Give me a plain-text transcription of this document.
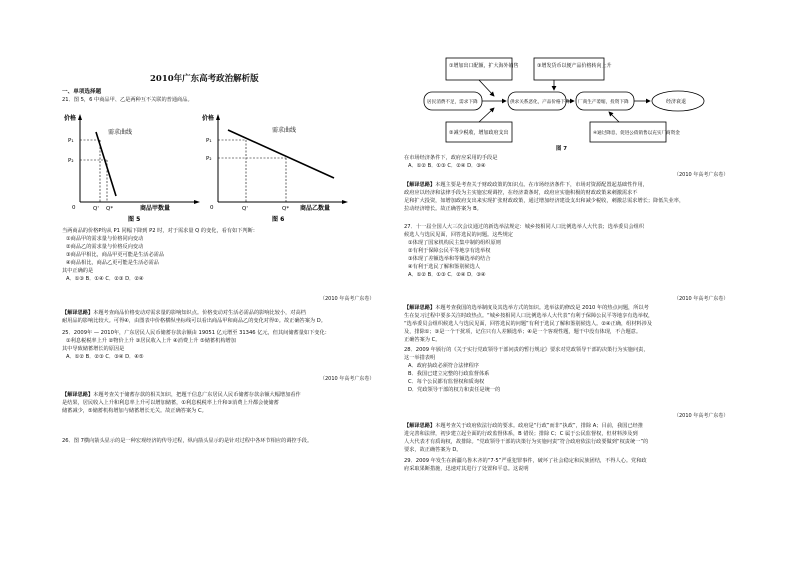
2010年广东高考政治解析版
一、单项选择题
21．图 5，6 中商品甲、乙是两种互不关联的普通商品。
价格
需求曲线
P₁
P₂
0	Q' Q*	商品甲数量
图 5
价格
需求曲线
P₁
P₂
0	Q'	Q* 商品乙数量
图 6
当两商品的价格P均从 P1 同幅下降到 P2 时，对于需求量 Q 的变化，看有如下判断：
①商品甲的需求量与价格同向变动
②商品乙的需求量与价格反向变动
③商品甲相比，商品甲更可能是生活必需品
④商品相比，商品乙更可能是生活必需品
其中正确的是
A．①③ B．①④ C．②③ D．②④
（2010 年高考广东卷）
【解译思路】本题考查商品价格变动对需求量的影响知识点。价格变动对生活必需品的影响比较小，对高档
耐用品的影响比较大。可得④，由图表中价格横纵坐标线可以看出商品甲和商品乙的变化对得②。故正确答案为 D。
25．2009年 — 2010年，广东居民人民币储蓄存款余额由 19051 亿元增至 31346 亿元，但其间储蓄量如下变化：
①利息税税率上升 ②物价上升 ③居民收入上升 ④消费上升 ⑤储蓄机构增加
其中导致储蓄增长的原因是
A．①② B．②③ C．③④ D．④⑤
（2010 年高考广东卷）
【解译思路】本题考查关于储蓄存款的相关知识，把题干信息广东居民人民币储蓄存款余额大幅增加看作
是结果，居民收入上升和利息率上升可以增加储蓄，①利息税税率上升和③消费上升都会使储蓄
储蓄减少，⑤储蓄机构增加与储蓄增长无关。故正确答案为 C。
26．图 7横向箭头显示的是一种宏观经济的传导过程，纵向箭头显示的是针对过程中各环节相应的调控手段。
①增加出口配额，扩大海外销售	③增发货币以便产品价格转向上升
居民消费不足，需求下降	供求关系恶化，产品价格下降 厂商生产萎缩，投资下降	经济衰退
②减少税收，增加政府支出	④通过降息，促进公债销售以充实厂商资金
图 7
在市场经济条件下，政府应采用的手段是
A．①② B．①③ C．②④ D．③④
（2010 年高考广东卷）
【解译思路】本题主要是考查关于财政政策的知识点。在市场经济条件下，市场对资源配置起基础性作用，
政府应以经济和法律手段为主实施宏观调控，在经济萧条时，政府应实施积极的财政政策来刺激需求不
足和扩大投资，如增加政府支出来实现扩张财政政策，通过增加经济建设支出和减少税收，刺激总需求增长；降低失业率，
拉动经济增长。故正确答案为 B。
27．十一届全国人大三次会议通过的新选举法规定：城乡按相同人口比例选举人大代表；选举委员会组织
候选人与选民见面，回答选民的问题。这些规定
①体现了国家机构民主集中制的组织原则
②有利于保障公民平等地享有选举权
③体现了差额选举和等额选举的结合
④有利于选民了解和鉴别候选人
A．①② B．①③ C．②④ D．③④
（2010 年高考广东卷）
【解译思路】本题考查我国的选举制度及其选举方式的知识。选举法的修改是 2010 年的热点问题，所以考
生在复习过程中要多关注时政热点。“城乡按相同人口比例选举人大代表”有利于保障公民平等地享有选举权，
“选举委员会组织候选人与选民见面，回答选民的问题”有利于选民了解和鉴别候选人。②④正确，组材料涉及
及，排除①；③是一个干扰项，记住只有人差额选举；④是一个客观性题，题干中没有体现，不合题意。
正确答案为 C。
28．2009 年颁行的《关于实行党政领导干部问责的暂行规定》要求对党政领导干部的决策行为实施问责，
这一举措表明
A．政府执政必须符合法律程序
B．我国已建立完整的行政监督体系
C．每个公民都有监督权和质询权
D．党政领导干部的权力和责任是统一的
（2010 年高考广东卷）
【解译思路】本题考查关于政府依法行政的要求。政府是“行政”而非“执政”，排除 A；目前，我国已经推
进完善和法律，初步建立起全面的行政监督体系，B 错误；排除 C；C 属于公民监督权，但材料涉及到
人大代表才有质询权，故排除。“党政领导干部的决策行为实施问责”符合政府依法行政要做到“权责统一”的
要求，故正确答案为 D。
29．2009 年发生在新疆乌鲁木齐的“7·5”严重犯罪事件，破坏了社会稳定和民族团结，不得人心。党和政
府采取果断措施，迅速对其进行了处置和平息。这说明
